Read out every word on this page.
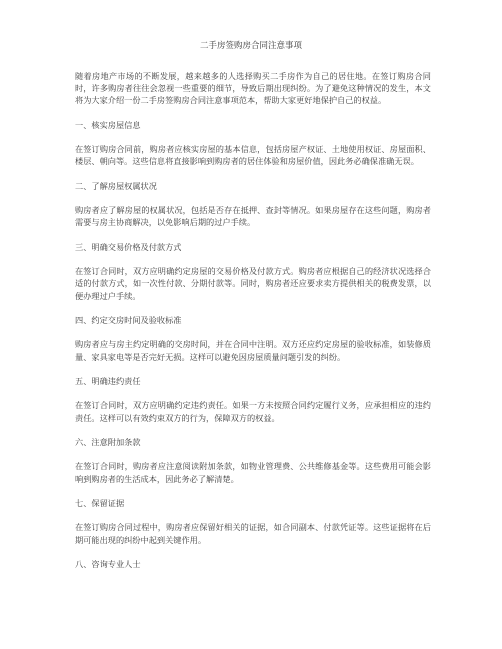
二手房签购房合同注意事项

随着房地产市场的不断发展，越来越多的人选择购买二手房作为自己的居住地。在签订购房合同时，许多购房者往往会忽视一些重要的细节，导致后期出现纠纷。为了避免这种情况的发生，本文将为大家介绍一份二手房签购房合同注意事项范本，帮助大家更好地保护自己的权益。

一、核实房屋信息

在签订购房合同前，购房者应核实房屋的基本信息，包括房屋产权证、土地使用权证、房屋面积、楼层、朝向等。这些信息将直接影响到购房者的居住体验和房屋价值，因此务必确保准确无误。

二、了解房屋权属状况

购房者应了解房屋的权属状况，包括是否存在抵押、查封等情况。如果房屋存在这些问题，购房者需要与房主协商解决，以免影响后期的过户手续。

三、明确交易价格及付款方式

在签订合同时，双方应明确约定房屋的交易价格及付款方式。购房者应根据自己的经济状况选择合适的付款方式，如一次性付款、分期付款等。同时，购房者还应要求卖方提供相关的税费发票，以便办理过户手续。

四、约定交房时间及验收标准

购房者应与房主约定明确的交房时间，并在合同中注明。双方还应约定房屋的验收标准，如装修质量、家具家电等是否完好无损。这样可以避免因房屋质量问题引发的纠纷。

五、明确违约责任

在签订合同时，双方应明确约定违约责任。如果一方未按照合同约定履行义务，应承担相应的违约责任。这样可以有效约束双方的行为，保障双方的权益。

六、注意附加条款

在签订合同时，购房者应注意阅读附加条款，如物业管理费、公共维修基金等。这些费用可能会影响到购房者的生活成本，因此务必了解清楚。

七、保留证据

在签订购房合同过程中，购房者应保留好相关的证据，如合同副本、付款凭证等。这些证据将在后期可能出现的纠纷中起到关键作用。

八、咨询专业人士
